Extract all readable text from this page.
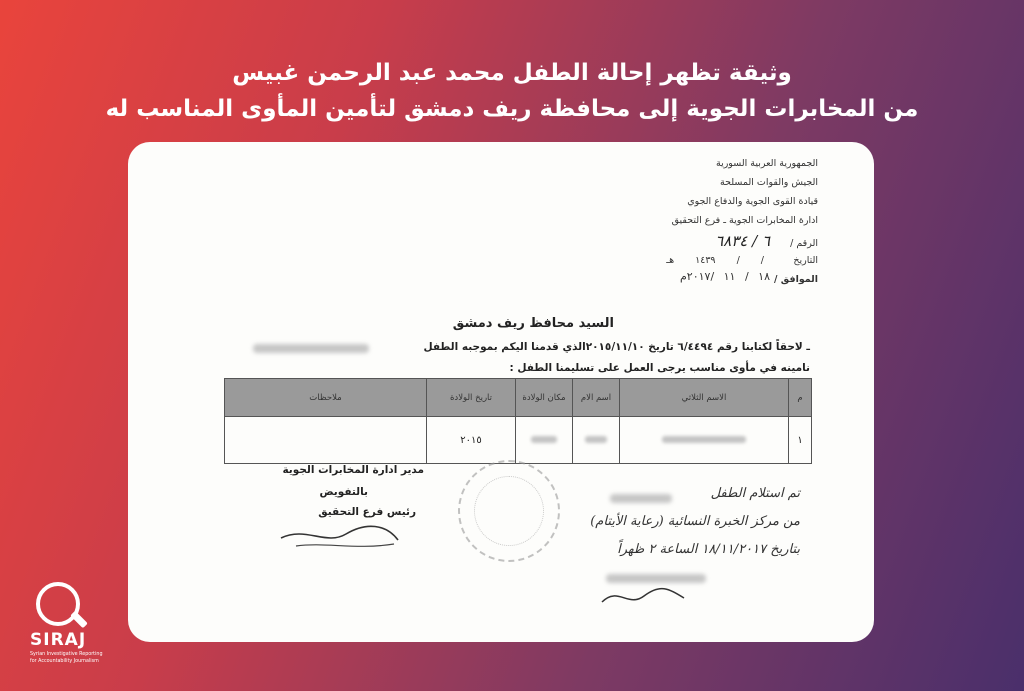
وثيقة تظهر إحالة الطفل محمد عبد الرحمن غبيس
من المخابرات الجوية إلى محافظة ريف دمشق لتأمين المأوى المناسب له
الجمهورية العربية السورية
الجيش والقوات المسلحة
قيادة القوى الجوية والدفاع الجوي
ادارة المخابرات الجوية ـ فرع التحقيق
الرقم /
٦ / ٦٨٣٤
التاريخ
/ / ١٤٣٩ هـ
الموافق /
١٨ / ١١ /٢٠١٧م
السيد محافظ ريف دمشق
ـ لاحقاً لكتابنا رقم ٦/٤٤٩٤ تاريخ ٢٠١٥/١١/١٠الذي قدمنا اليكم بموجبه الطفل
نامينه في مأوى مناسب يرجى العمل على تسليمنا الطفل :
م	الاسم الثلاثي	اسم الام	مكان الولادة	تاريخ الولادة	ملاحظات
١				٢٠١٥	
مدير ادارة المخابرات الجوية
بالتفويض
رئيس فرع التحقيق
تم استلام الطفل
من مركز الخبرة النسائية (رعاية الأيتام)
بتاريخ ١٨/١١/٢٠١٧ الساعة ٢ ظهراً
SIRAJ
Syrian Investigative Reporting
for Accountability Journalism
